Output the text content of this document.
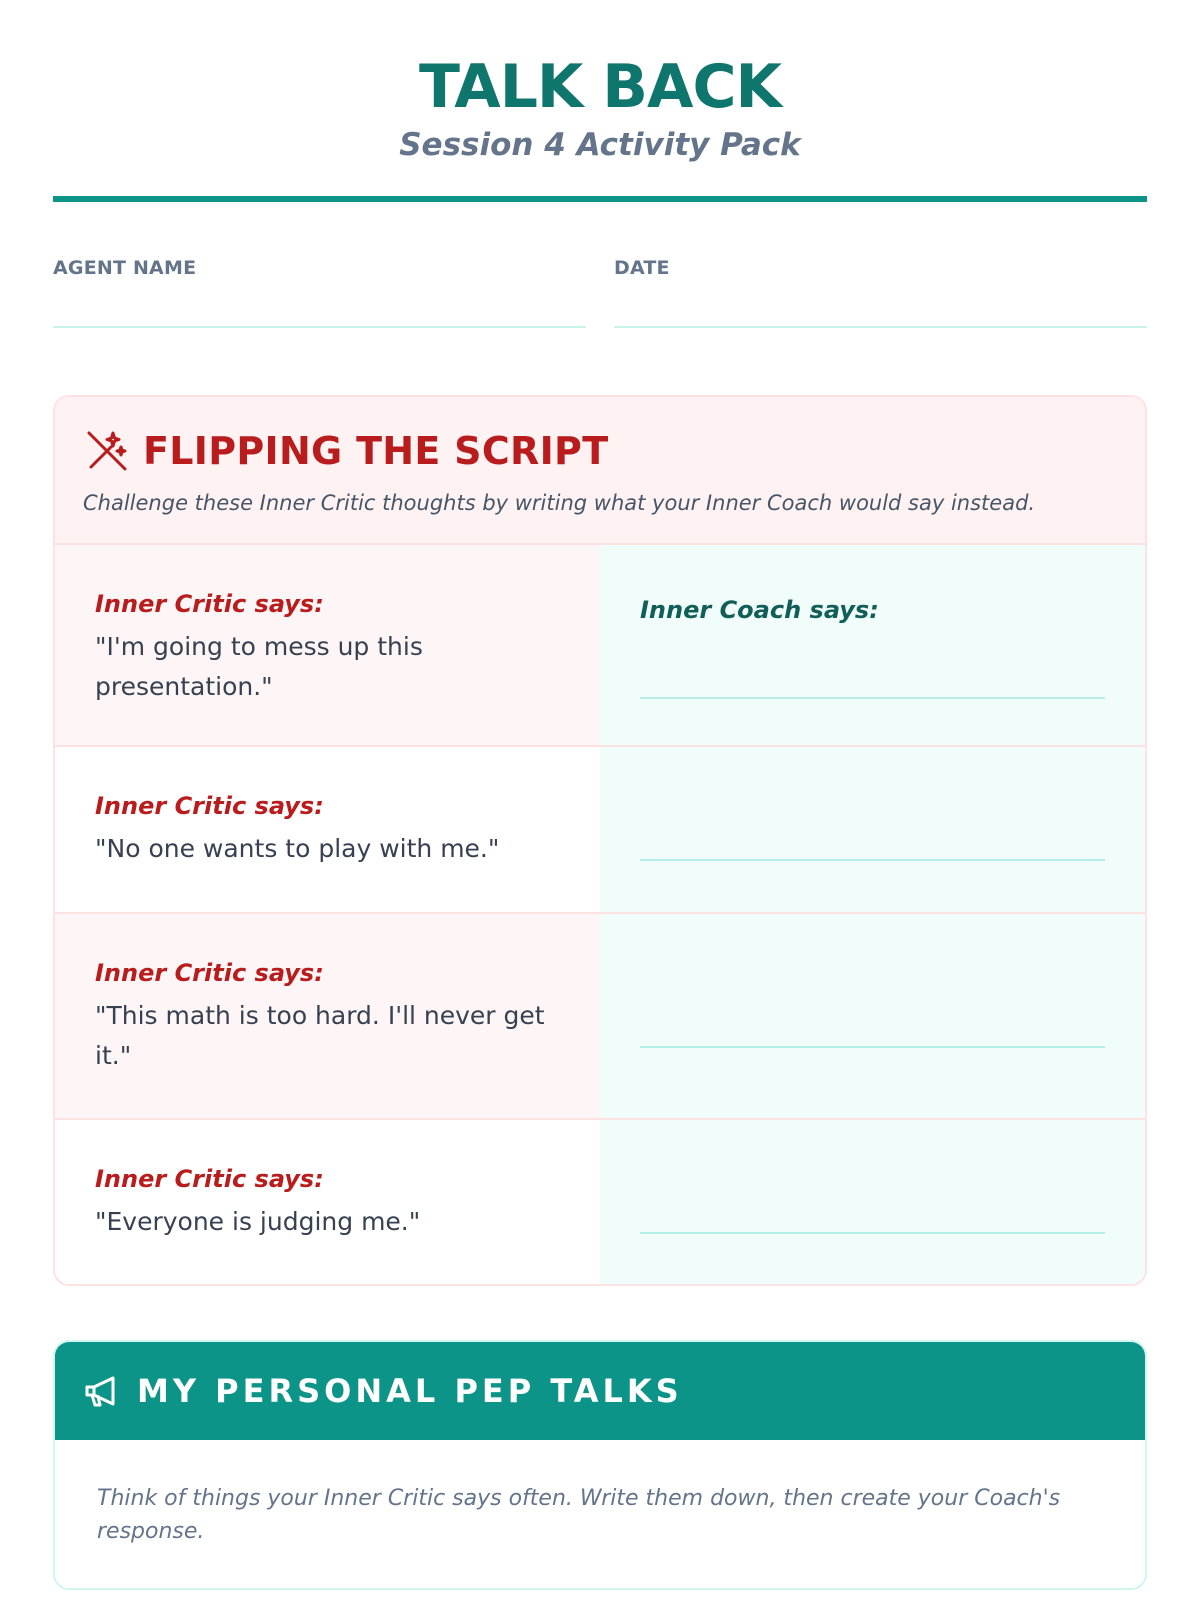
TALK BACK
Session 4 Activity Pack
AGENT NAME	DATE
FLIPPING THE SCRIPT
Challenge these Inner Critic thoughts by writing what your Inner Coach would say instead.
Inner Critic says:
"I'm going to mess up this presentation."
Inner Coach says:
Inner Critic says:
"No one wants to play with me."
Inner Critic says:
"This math is too hard. I'll never get it."
Inner Critic says:
"Everyone is judging me."
MY PERSONAL PEP TALKS
Think of things your Inner Critic says often. Write them down, then create your Coach's response.
